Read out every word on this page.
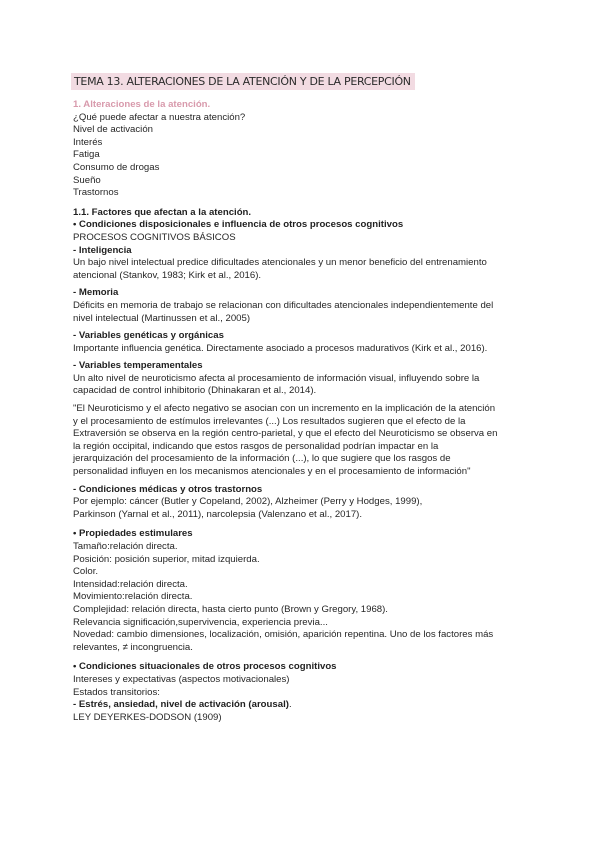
TEMA 13. ALTERACIONES DE LA ATENCIÓN Y DE LA PERCEPCIÓN
1. Alteraciones de la atención.
¿Qué puede afectar a nuestra atención?
Nivel de activación
Interés
Fatiga
Consumo de drogas
Sueño
Trastornos
1.1. Factores que afectan a la atención.
• Condiciones disposicionales e influencia de otros procesos cognitivos
PROCESOS COGNITIVOS BÁSICOS
- Inteligencia
Un bajo nivel intelectual predice dificultades atencionales y un menor beneficio del entrenamiento
atencional (Stankov, 1983; Kirk et al., 2016).
- Memoria
Déficits en memoria de trabajo se relacionan con dificultades atencionales independientemente del
nivel intelectual (Martinussen et al., 2005)
- Variables genéticas y orgánicas
Importante influencia genética. Directamente asociado a procesos madurativos (Kirk et al., 2016).
- Variables temperamentales
Un alto nivel de neuroticismo afecta al procesamiento de información visual, influyendo sobre la
capacidad de control inhibitorio (Dhinakaran et al., 2014).
"El Neuroticismo y el afecto negativo se asocian con un incremento en la implicación de la atención
y el procesamiento de estímulos irrelevantes (...) Los resultados sugieren que el efecto de la
Extraversión se observa en la región centro-parietal, y que el efecto del Neuroticismo se observa en
la región occipital, indicando que estos rasgos de personalidad podrían impactar en la
jerarquización del procesamiento de la información (...), lo que sugiere que los rasgos de
personalidad influyen en los mecanismos atencionales y en el procesamiento de información"
- Condiciones médicas y otros trastornos
Por ejemplo: cáncer (Butler y Copeland, 2002), Alzheimer (Perry y Hodges, 1999),
Parkinson (Yarnal et al., 2011), narcolepsia (Valenzano et al., 2017).
• Propiedades estimulares
Tamaño:relación directa.
Posición: posición superior, mitad izquierda.
Color.
Intensidad:relación directa.
Movimiento:relación directa.
Complejidad: relación directa, hasta cierto punto (Brown y Gregory, 1968).
Relevancia significación,supervivencia, experiencia previa...
Novedad: cambio dimensiones, localización, omisión, aparición repentina. Uno de los factores más
relevantes, ≠ incongruencia.
• Condiciones situacionales de otros procesos cognitivos
Intereses y expectativas (aspectos motivacionales)
Estados transitorios:
- Estrés, ansiedad, nivel de activación (arousal).
LEY DEYERKES-DODSON (1909)
